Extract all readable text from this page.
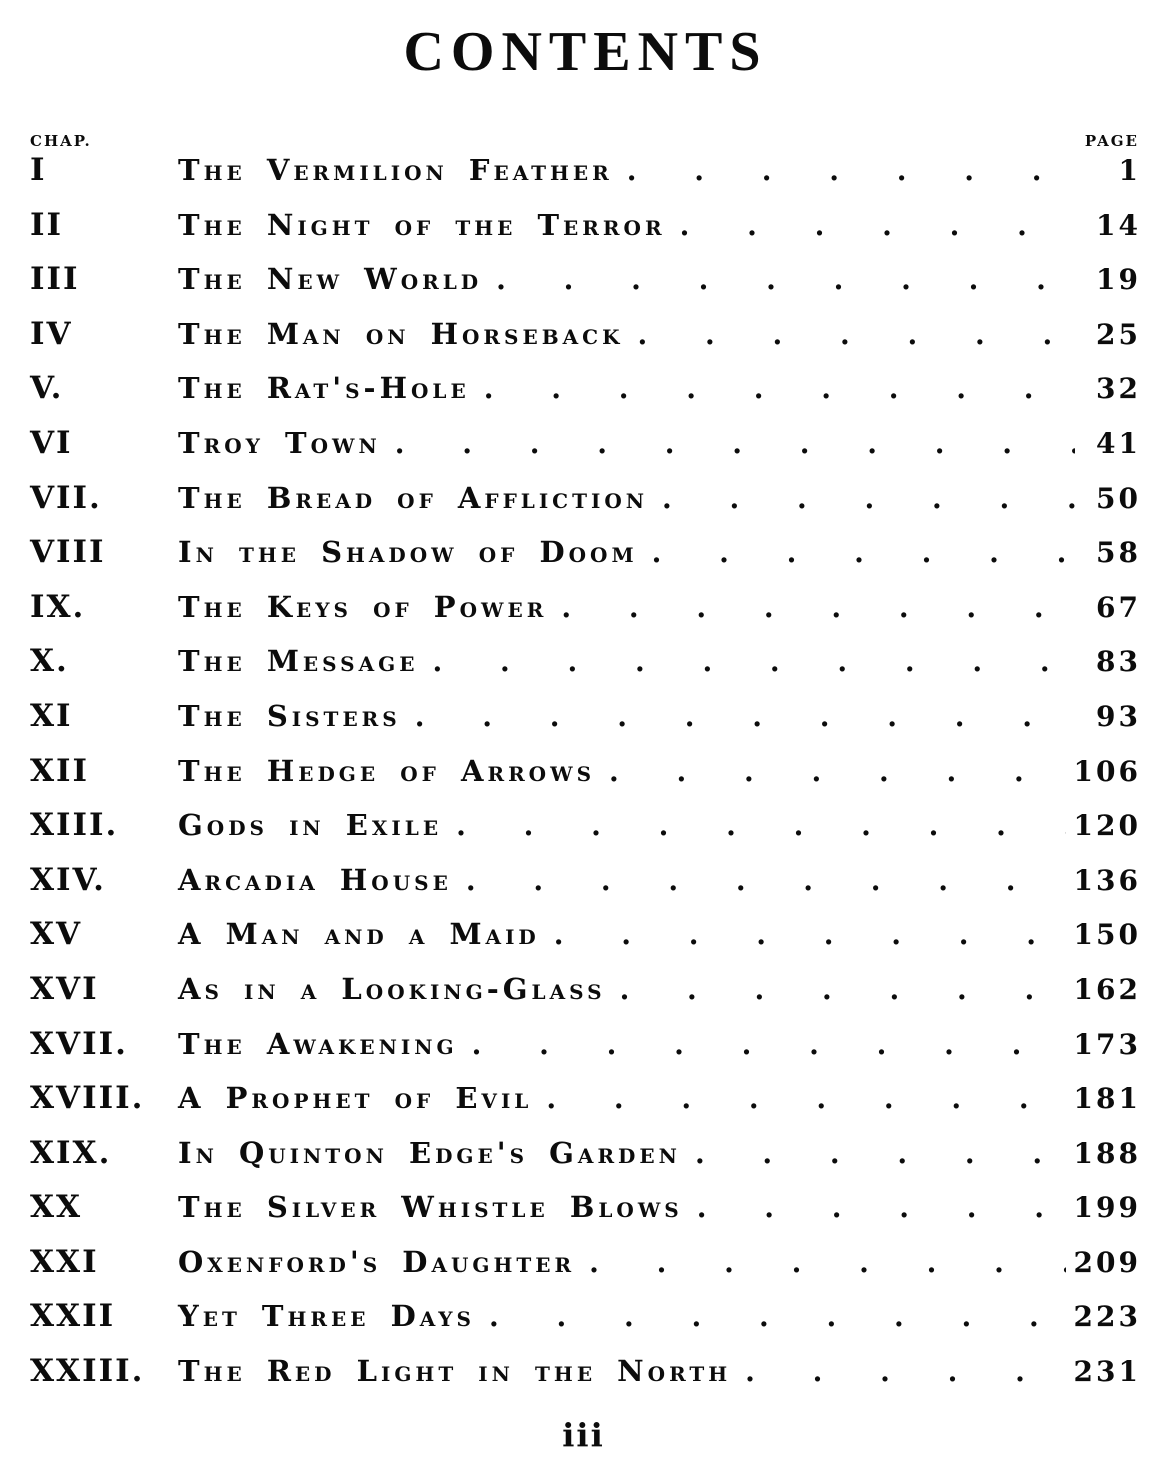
CONTENTS
CHAP.	PAGE
I	The Vermilion Feather . . .	1
II	The Night of the Terror . . .	14
III	The New World . . .	19
IV	The Man on Horseback . . .	25
V.	The Rat's-Hole . . .	32
VI	Troy Town . . .	41
VII.	The Bread of Affliction . . .	50
VIII	In the Shadow of Doom . . .	58
IX.	The Keys of Power . . .	67
X.	The Message . . .	83
XI	The Sisters . . .	93
XII	The Hedge of Arrows . . .	106
XIII.	Gods in Exile . . .	120
XIV.	Arcadia House . . .	136
XV	A Man and a Maid . . .	150
XVI	As in a Looking-Glass . . .	162
XVII.	The Awakening . . .	173
XVIII.	A Prophet of Evil . . .	181
XIX.	In Quinton Edge's Garden . . .	188
XX	The Silver Whistle Blows . . .	199
XXI	Oxenford's Daughter . . .	209
XXII	Yet Three Days . . .	223
XXIII.	The Red Light in the North . . .	231
iii
